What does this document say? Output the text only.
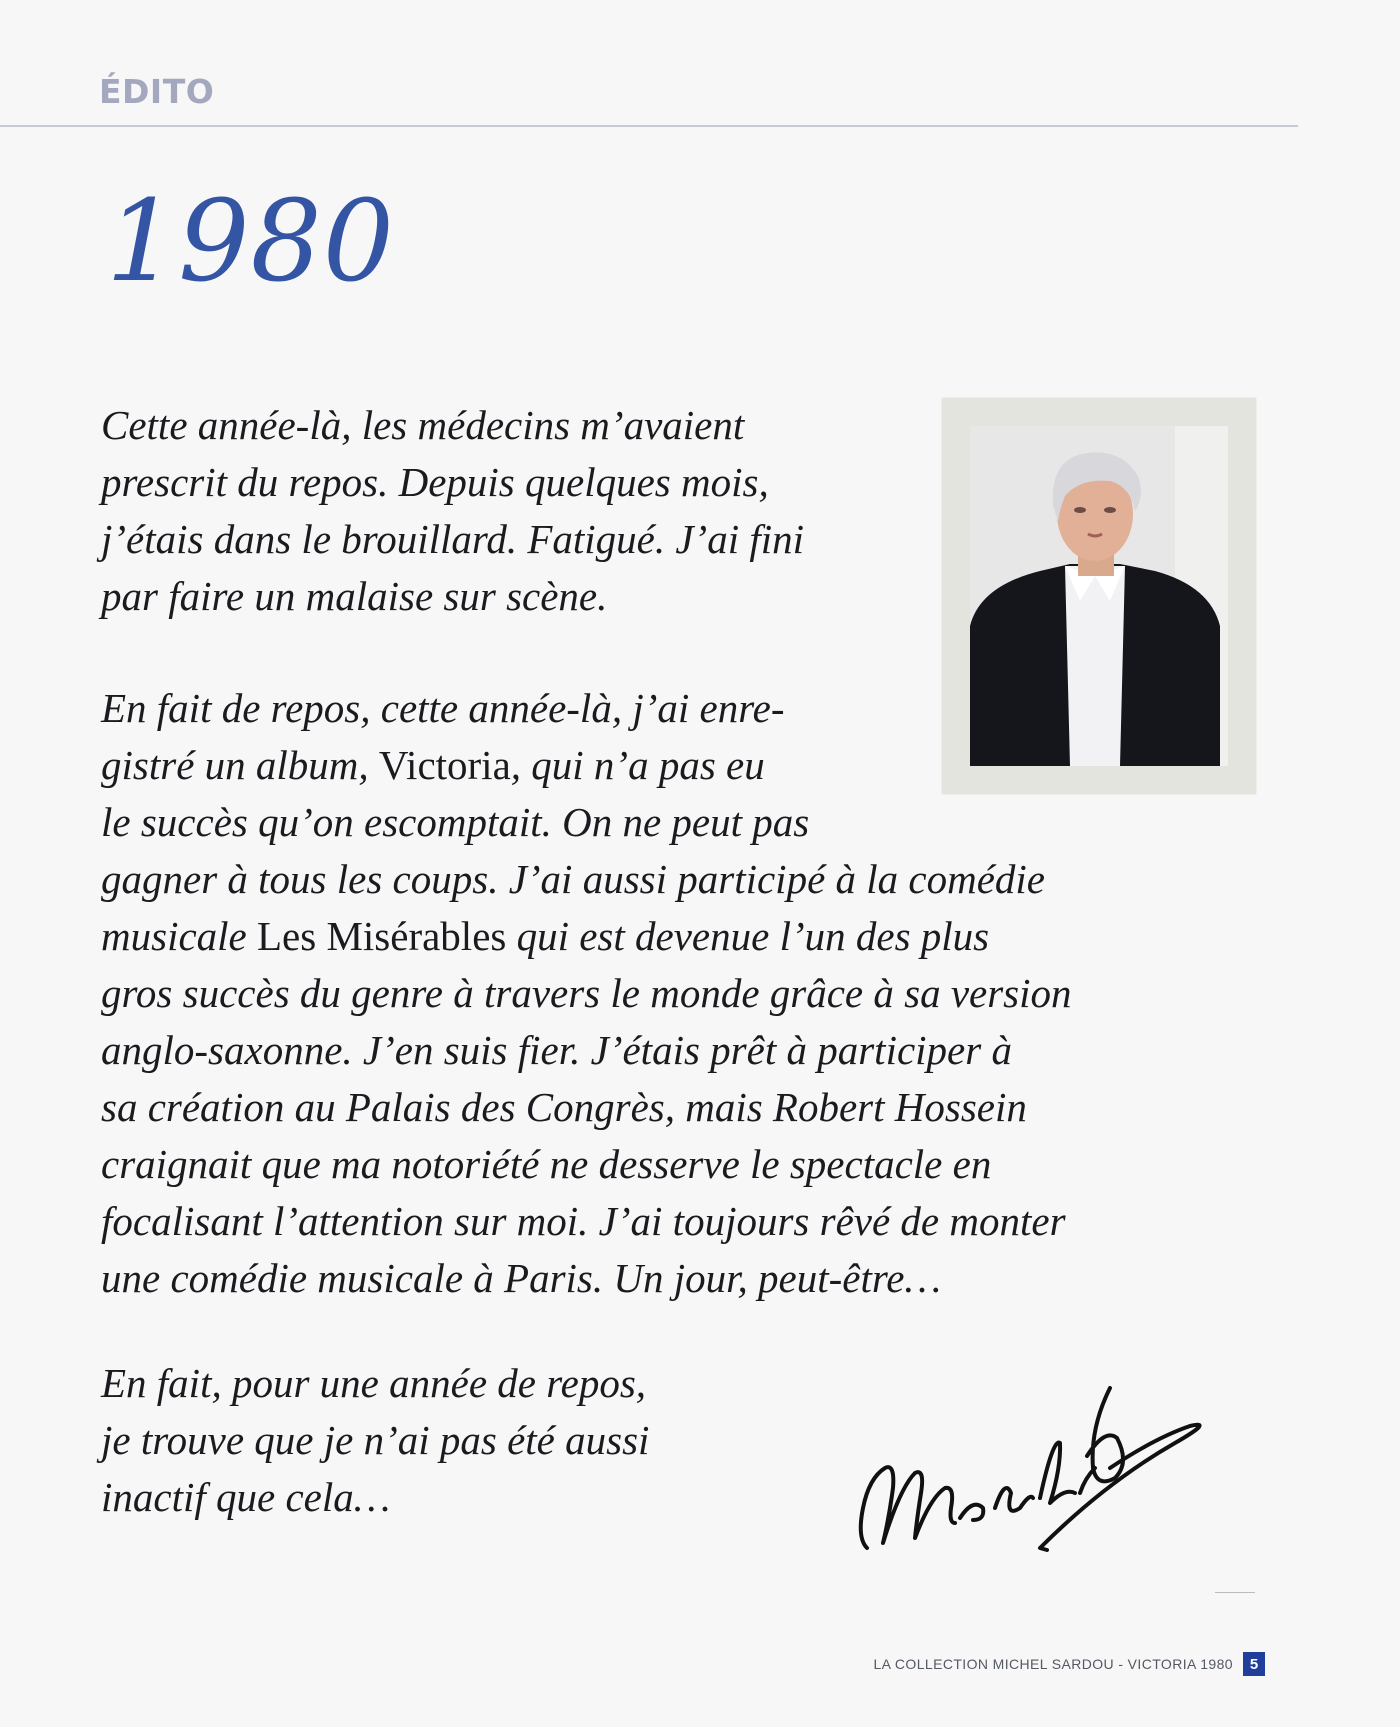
ÉDITO
1980
Cette année-là, les médecins m’avaient
prescrit du repos. Depuis quelques mois,
j’étais dans le brouillard. Fatigué. J’ai fini
par faire un malaise sur scène.
En fait de repos, cette année-là, j’ai enre-
gistré un album, Victoria, qui n’a pas eu
le succès qu’on escomptait. On ne peut pas
gagner à tous les coups. J’ai aussi participé à la comédie
musicale Les Misérables qui est devenue l’un des plus
gros succès du genre à travers le monde grâce à sa version
anglo-saxonne. J’en suis fier. J’étais prêt à participer à
sa création au Palais des Congrès, mais Robert Hossein
craignait que ma notoriété ne desserve le spectacle en
focalisant l’attention sur moi. J’ai toujours rêvé de monter
une comédie musicale à Paris. Un jour, peut-être…
En fait, pour une année de repos,
je trouve que je n’ai pas été aussi
inactif que cela…
LA COLLECTION MICHEL SARDOU - VICTORIA 1980	5
